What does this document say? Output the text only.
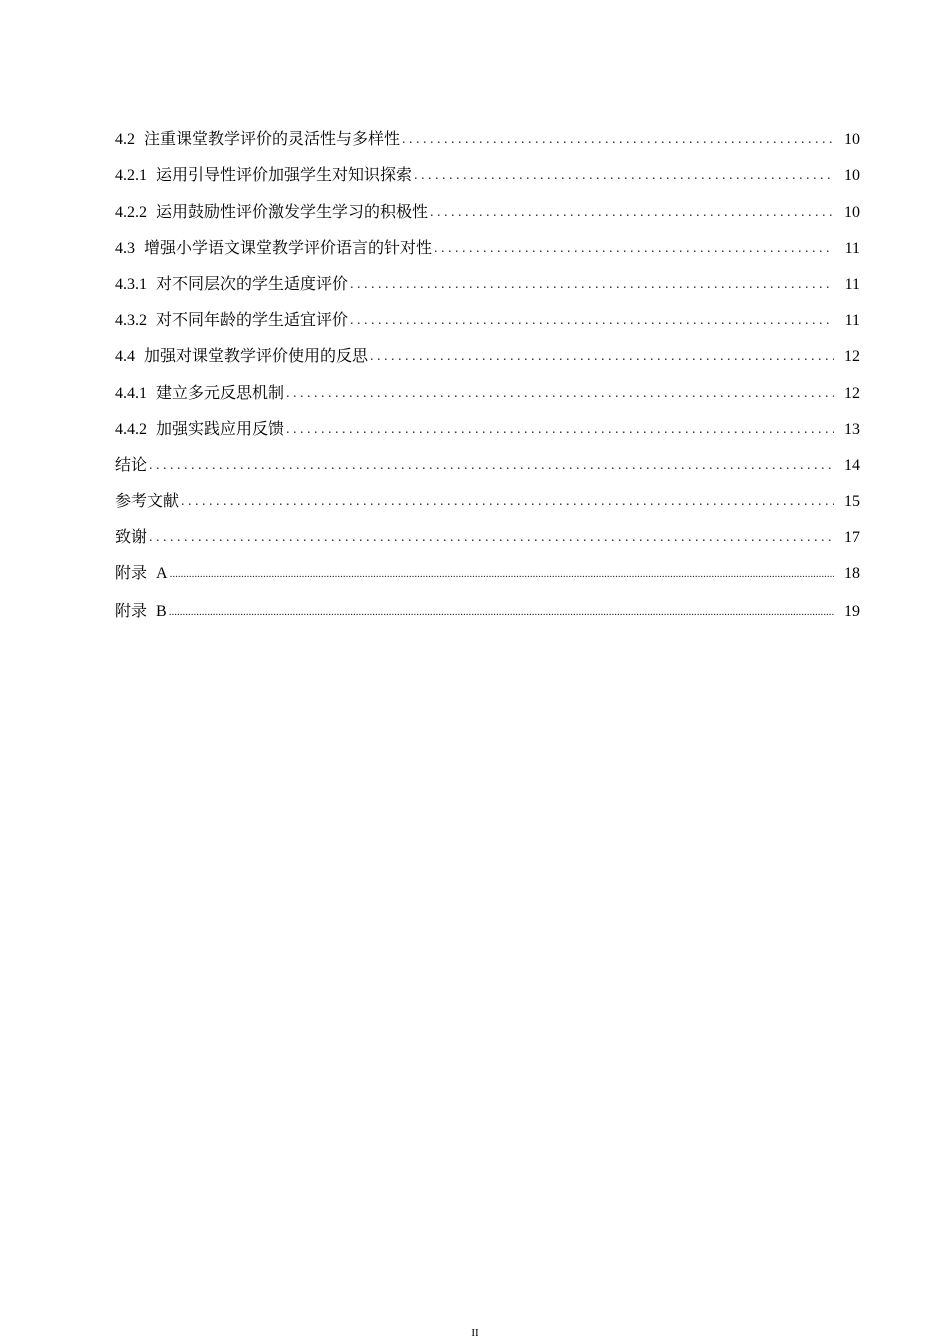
4.2 注重课堂教学评价的灵活性与多样性 . . .	10
4.2.1 运用引导性评价加强学生对知识探索 . . .	10
4.2.2 运用鼓励性评价激发学生学习的积极性 . . .	10
4.3 增强小学语文课堂教学评价语言的针对性 . . .	11
4.3.1 对不同层次的学生适度评价 . . .	11
4.3.2 对不同年龄的学生适宜评价 . . .	11
4.4 加强对课堂教学评价使用的反思 . . .	12
4.4.1 建立多元反思机制 . . .	12
4.4.2 加强实践应用反馈 . . .	13
结论 . . .	14
参考文献 . . .	15
致谢 . . .	17
附录 A .....	18
附录 B .....	19
II
